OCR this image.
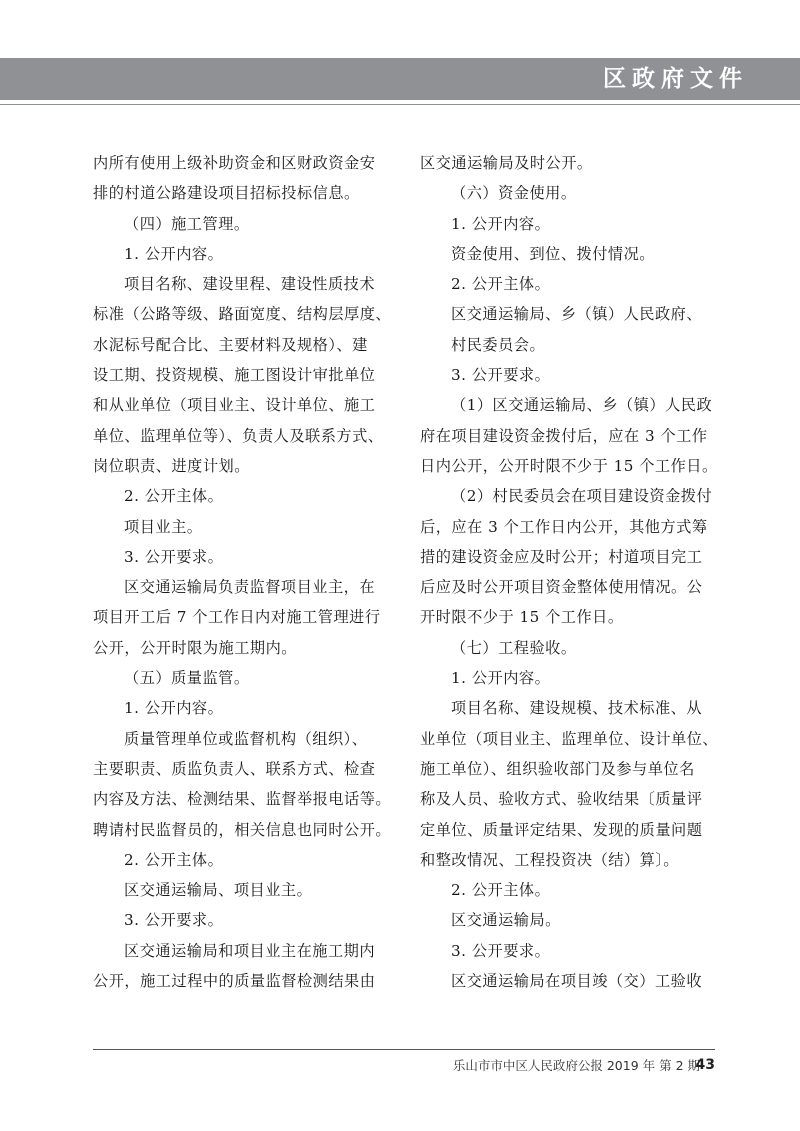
区政府文件
内所有使用上级补助资金和区财政资金安
排的村道公路建设项目招标投标信息。
（四）施工管理。
1. 公开内容。
项目名称、建设里程、建设性质技术
标准（公路等级、路面宽度、结构层厚度、
水泥标号配合比、主要材料及规格）、建
设工期、投资规模、施工图设计审批单位
和从业单位（项目业主、设计单位、施工
单位、监理单位等）、负责人及联系方式、
岗位职责、进度计划。
2. 公开主体。
项目业主。
3. 公开要求。
区交通运输局负责监督项目业主，在
项目开工后 7 个工作日内对施工管理进行
公开，公开时限为施工期内。
（五）质量监管。
1. 公开内容。
质量管理单位或监督机构（组织）、
主要职责、质监负责人、联系方式、检查
内容及方法、检测结果、监督举报电话等。
聘请村民监督员的，相关信息也同时公开。
2. 公开主体。
区交通运输局、项目业主。
3. 公开要求。
区交通运输局和项目业主在施工期内
公开，施工过程中的质量监督检测结果由
区交通运输局及时公开。
（六）资金使用。
1. 公开内容。
资金使用、到位、拨付情况。
2. 公开主体。
区交通运输局、乡（镇）人民政府、
村民委员会。
3. 公开要求。
（1）区交通运输局、乡（镇）人民政
府在项目建设资金拨付后，应在 3 个工作
日内公开，公开时限不少于 15 个工作日。
（2）村民委员会在项目建设资金拨付
后，应在 3 个工作日内公开，其他方式筹
措的建设资金应及时公开；村道项目完工
后应及时公开项目资金整体使用情况。公
开时限不少于 15 个工作日。
（七）工程验收。
1. 公开内容。
项目名称、建设规模、技术标准、从
业单位（项目业主、监理单位、设计单位、
施工单位）、组织验收部门及参与单位名
称及人员、验收方式、验收结果〔质量评
定单位、质量评定结果、发现的质量问题
和整改情况、工程投资决（结）算〕。
2. 公开主体。
区交通运输局。
3. 公开要求。
区交通运输局在项目竣（交）工验收
乐山市市中区人民政府公报 2019 年 第 2 期
43
